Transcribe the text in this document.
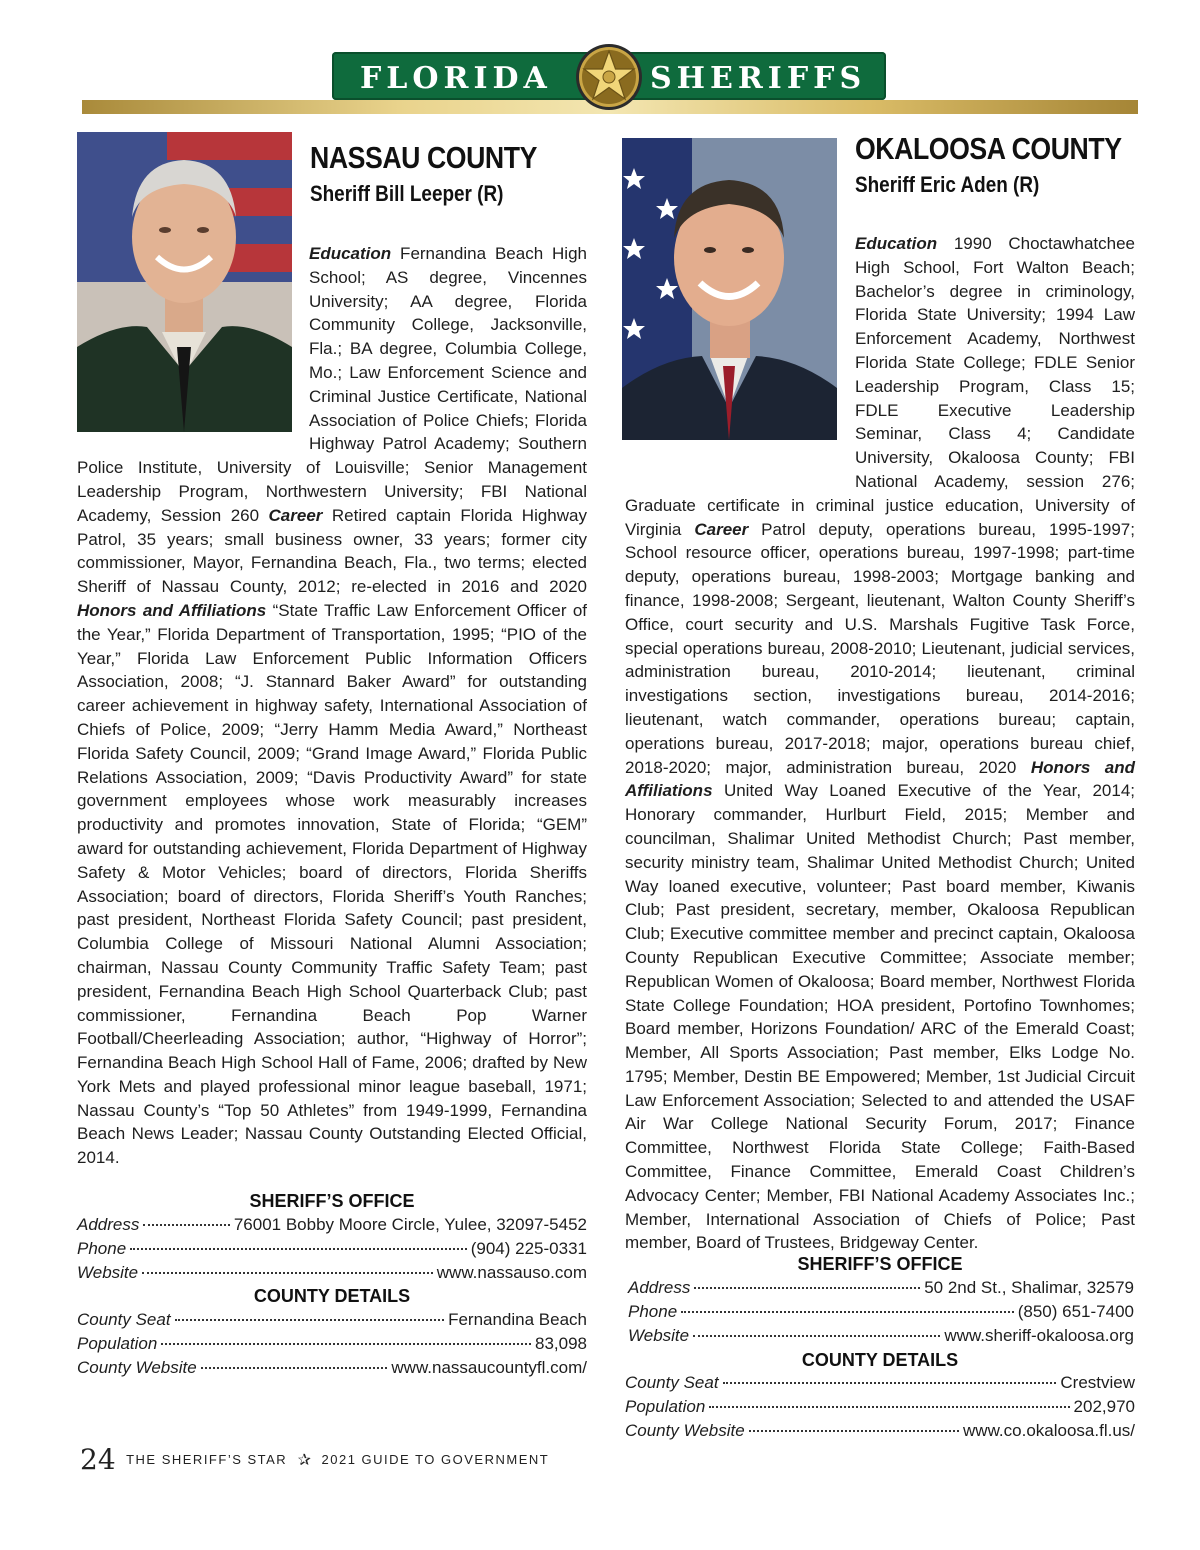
FLORIDA	SHERIFFS
NASSAU COUNTY
Sheriff Bill Leeper (R)
Education Fernandina Beach High School; AS degree, Vincennes University; AA degree, Florida Community College, Jacksonville, Fla.; BA degree, Columbia College, Mo.; Law Enforcement Science and Criminal Justice Certificate, National Association of Police Chiefs; Florida Highway Patrol Academy; Southern Police Institute, University of Louisville; Senior Management Leadership Program, Northwestern University; FBI National Academy, Session 260 Career Retired captain Florida Highway Patrol, 35 years; small business owner, 33 years; former city commissioner, Mayor, Fernandina Beach, Fla., two terms; elected Sheriff of Nassau County, 2012; re-elected in 2016 and 2020 Honors and Affiliations “State Traffic Law Enforcement Officer of the Year,” Florida Department of Transportation, 1995; “PIO of the Year,” Florida Law Enforcement Public Information Officers Association, 2008; “J. Stannard Baker Award” for outstanding career achievement in highway safety, International Association of Chiefs of Police, 2009; “Jerry Hamm Media Award,” Northeast Florida Safety Council, 2009; “Grand Image Award,” Florida Public Relations Association, 2009; “Davis Productivity Award” for state government employees whose work measurably increases productivity and promotes innovation, State of Florida; “GEM” award for outstanding achievement, Florida Department of Highway Safety & Motor Vehicles; board of directors, Florida Sheriffs Association; board of directors, Florida Sheriff’s Youth Ranches; past president, Northeast Florida Safety Council; past president, Columbia College of Missouri National Alumni Association; chairman, Nassau County Community Traffic Safety Team; past president, Fernandina Beach High School Quarterback Club; past commissioner, Fernandina Beach Pop Warner Football/Cheerleading Association; author, “Highway of Horror”; Fernandina Beach High School Hall of Fame, 2006; drafted by New York Mets and played professional minor league baseball, 1971; Nassau County’s “Top 50 Athletes” from 1949-1999, Fernandina Beach News Leader; Nassau County Outstanding Elected Official, 2014.
SHERIFF’S OFFICE
Address	76001 Bobby Moore Circle, Yulee, 32097-5452
Phone	(904) 225-0331
Website	www.nassauso.com
COUNTY DETAILS
County Seat	Fernandina Beach
Population	83,098
County Website	www.nassaucountyfl.com/
OKALOOSA COUNTY
Sheriff Eric Aden (R)
Education 1990 Choctawhatchee High School, Fort Walton Beach; Bachelor’s degree in criminology, Florida State University; 1994 Law Enforcement Academy, Northwest Florida State College; FDLE Senior Leadership Program, Class 15; FDLE Executive Leadership Seminar, Class 4; Candidate University, Okaloosa County; FBI National Academy, session 276; Graduate certificate in criminal justice education, University of Virginia Career Patrol deputy, operations bureau, 1995-1997; School resource officer, operations bureau, 1997-1998; part-time deputy, operations bureau, 1998-2003; Mortgage banking and finance, 1998-2008; Sergeant, lieutenant, Walton County Sheriff’s Office, court security and U.S. Marshals Fugitive Task Force, special operations bureau, 2008-2010; Lieutenant, judicial services, administration bureau, 2010-2014; lieutenant, criminal investigations section, investigations bureau, 2014-2016; lieutenant, watch commander, operations bureau; captain, operations bureau, 2017-2018; major, operations bureau chief, 2018-2020; major, administration bureau, 2020 Honors and Affiliations United Way Loaned Executive of the Year, 2014; Honorary commander, Hurlburt Field, 2015; Member and councilman, Shalimar United Methodist Church; Past member, security ministry team, Shalimar United Methodist Church; United Way loaned executive, volunteer; Past board member, Kiwanis Club; Past president, secretary, member, Okaloosa Republican Club; Executive committee member and precinct captain, Okaloosa County Republican Executive Committee; Associate member; Republican Women of Okaloosa; Board member, Northwest Florida State College Foundation; HOA president, Portofino Townhomes; Board member, Horizons Foundation/ ARC of the Emerald Coast; Member, All Sports Association; Past member, Elks Lodge No. 1795; Member, Destin BE Empowered; Member, 1st Judicial Circuit Law Enforcement Association; Selected to and attended the USAF Air War College National Security Forum, 2017; Finance Committee, Northwest Florida State College; Faith-Based Committee, Finance Committee, Emerald Coast Children’s Advocacy Center; Member, FBI National Academy Associates Inc.; Member, International Association of Chiefs of Police; Past member, Board of Trustees, Bridgeway Center.
SHERIFF’S OFFICE
Address	50 2nd St., Shalimar, 32579
Phone	(850) 651-7400
Website	www.sheriff-okaloosa.org
COUNTY DETAILS
County Seat	Crestview
Population	202,970
County Website	www.co.okaloosa.fl.us/
24 THE SHERIFF’S STAR ✰ 2021 GUIDE TO GOVERNMENT
